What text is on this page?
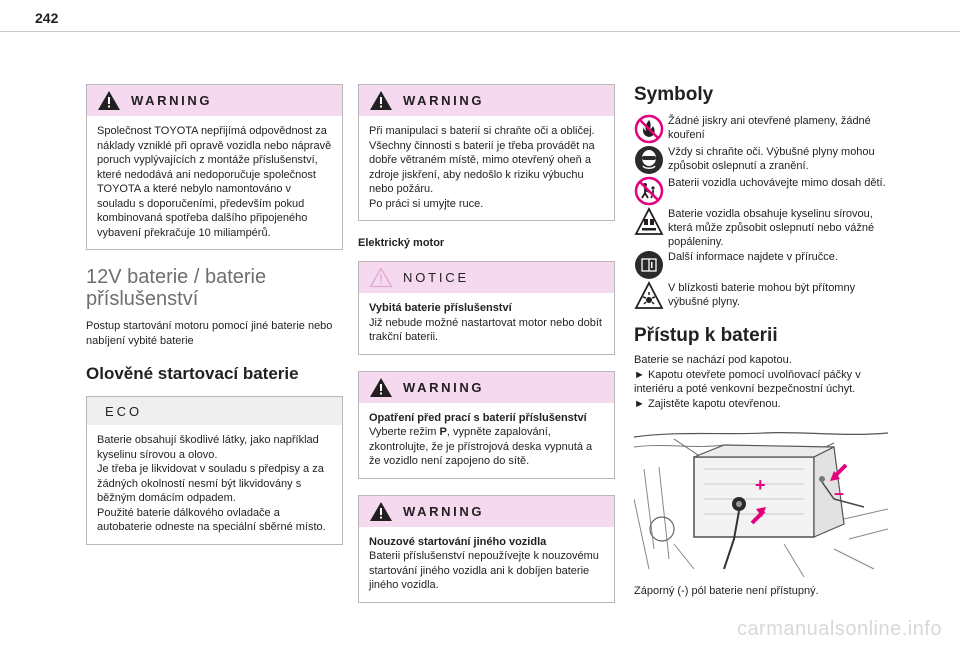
242
WARNING
Společnost TOYOTA nepřijímá odpovědnost za náklady vzniklé při opravě vozidla nebo nápravě poruch vyplývajících z montáže příslušenství, které nedodává ani nedoporučuje společnost TOYOTA a které nebylo namontováno v souladu s doporučeními, především pokud kombinovaná spotřeba dalšího připojeného vybavení překračuje 10 miliampérů.
12V baterie / baterie příslušenství
Postup startování motoru pomocí jiné baterie nebo nabíjení vybité baterie
Olověné startovací baterie
ECO
Baterie obsahují škodlivé látky, jako například kyselinu sírovou a olovo.
Je třeba je likvidovat v souladu s předpisy a za žádných okolností nesmí být likvidovány s běžným domácím odpadem.
Použité baterie dálkového ovladače a autobaterie odneste na speciální sběrné místo.
WARNING
Při manipulaci s baterií si chraňte oči a obličej.
Všechny činnosti s baterií je třeba provádět na dobře větraném místě, mimo otevřený oheň a zdroje jiskření, aby nedošlo k riziku výbuchu nebo požáru.
Po práci si umyjte ruce.
Elektrický motor
NOTICE
Vybitá baterie příslušenství
Již nebude možné nastartovat motor nebo dobít trakční baterii.
WARNING
Opatření před prací s baterií příslušenství
Vyberte režim P, vypněte zapalování, zkontrolujte, že je přístrojová deska vypnutá a že vozidlo není zapojeno do sítě.
WARNING
Nouzové startování jiného vozidla
Baterii příslušenství nepoužívejte k nouzovému startování jiného vozidla ani k dobíjen baterie jiného vozidla.
Symboly
Žádné jiskry ani otevřené plameny, žádné kouření
Vždy si chraňte oči. Výbušné plyny mohou způsobit oslepnutí a zranění.
Baterii vozidla uchovávejte mimo dosah dětí.
Baterie vozidla obsahuje kyselinu sírovou, která může způsobit oslepnutí nebo vážné popáleniny.
Další informace najdete v příručce.
V blízkosti baterie mohou být přítomny výbušné plyny.
Přístup k baterii
Baterie se nachází pod kapotou.
► Kapotu otevřete pomocí uvolňovací páčky v interiéru a poté venkovní bezpečnostní úchyt.
► Zajistěte kapotu otevřenou.
+	–
Záporný (-) pól baterie není přístupný.
carmanualsonline.info
